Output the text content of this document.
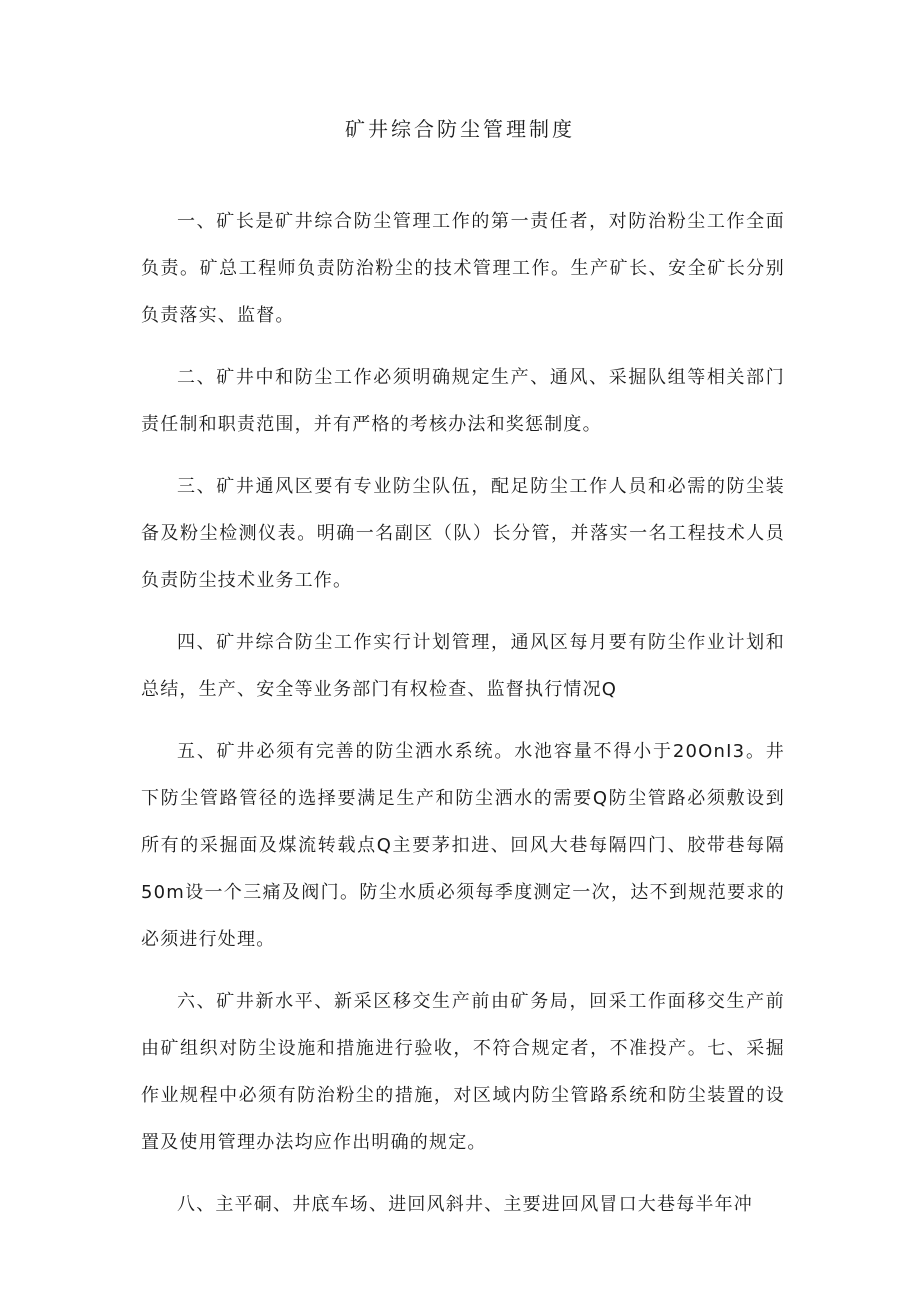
矿井综合防尘管理制度

一、矿长是矿井综合防尘管理工作的第一责任者，对防治粉尘工作全面负责。矿总工程师负责防治粉尘的技术管理工作。生产矿长、安全矿长分别负责落实、监督。

二、矿井中和防尘工作必须明确规定生产、通风、采掘队组等相关部门责任制和职责范围，并有严格的考核办法和奖惩制度。

三、矿井通风区要有专业防尘队伍，配足防尘工作人员和必需的防尘装备及粉尘检测仪表。明确一名副区（队）长分管，并落实一名工程技术人员负责防尘技术业务工作。

四、矿井综合防尘工作实行计划管理，通风区每月要有防尘作业计划和总结，生产、安全等业务部门有权检查、监督执行情况Q

五、矿井必须有完善的防尘洒水系统。水池容量不得小于20OnI3。井下防尘管路管径的选择要满足生产和防尘洒水的需要Q防尘管路必须敷设到所有的采掘面及煤流转载点Q主要茅扣进、回风大巷每隔四门、胶带巷每隔50m设一个三痛及阀门。防尘水质必须每季度测定一次，达不到规范要求的必须进行处理。

六、矿井新水平、新采区移交生产前由矿务局，回采工作面移交生产前由矿组织对防尘设施和措施进行验收，不符合规定者，不准投产。七、采掘作业规程中必须有防治粉尘的措施，对区域内防尘管路系统和防尘装置的设置及使用管理办法均应作出明确的规定。

八、主平硐、井底车场、进回风斜井、主要进回风冒口大巷每半年冲
